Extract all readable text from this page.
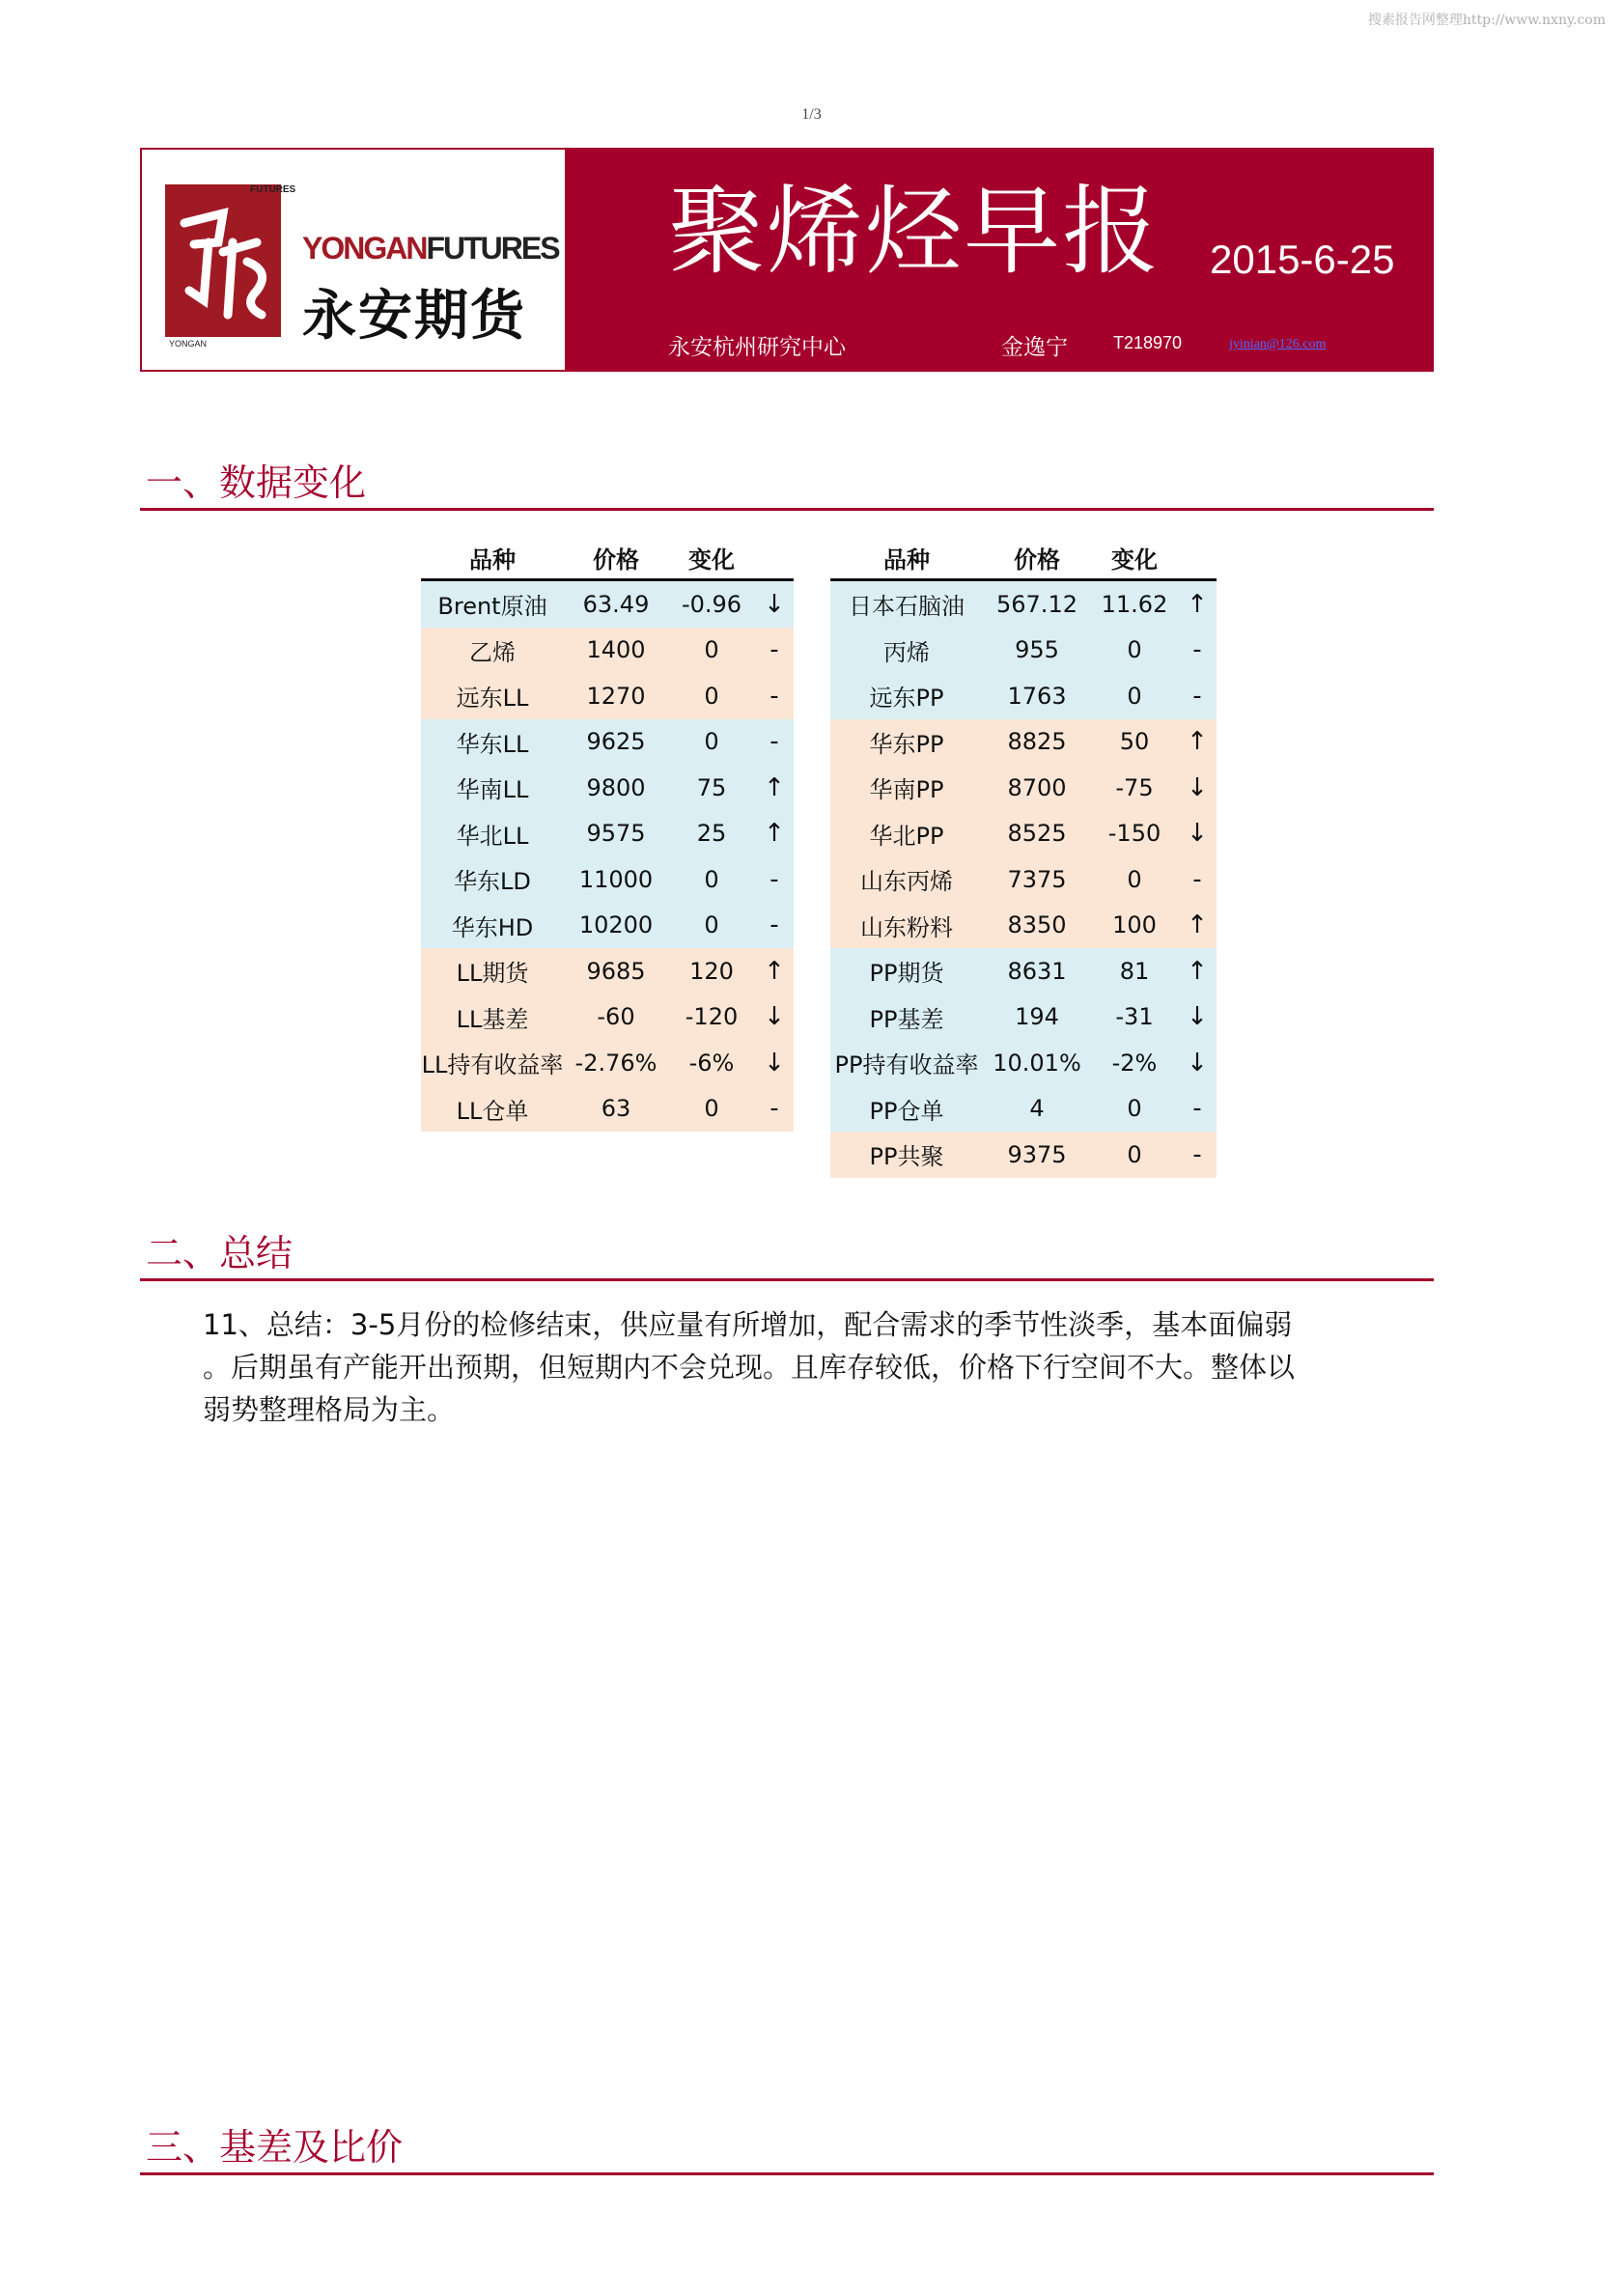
搜素报告网整理http://www.nxny.com
1/3
FUTURES
YONGAN
YONGANFUTURES
永安期货
聚烯烃早报 2015-6-25
永安杭州研究中心	金逸宁	T218970	jyinian@126.com
一、数据变化
品种	价格	变化	
Brent原油	63.49	-0.96	↓
乙烯	1400	0	-
远东LL	1270	0	-
华东LL	9625	0	-
华南LL	9800	75	↑
华北LL	9575	25	↑
华东LD	11000	0	-
华东HD	10200	0	-
LL期货	9685	120	↑
LL基差	-60	-120	↓
LL持有收益率	-2.76%	-6%	↓
LL仓单	63	0	-
品种	价格	变化	
日本石脑油	567.12	11.62	↑
丙烯	955	0	-
远东PP	1763	0	-
华东PP	8825	50	↑
华南PP	8700	-75	↓
华北PP	8525	-150	↓
山东丙烯	7375	0	-
山东粉料	8350	100	↑
PP期货	8631	81	↑
PP基差	194	-31	↓
PP持有收益率	10.01%	-2%	↓
PP仓单	4	0	-
PP共聚	9375	0	-
二、总结
11、总结：3-5月份的检修结束，供应量有所增加，配合需求的季节性淡季，基本面偏弱
。后期虽有产能开出预期，但短期内不会兑现。且库存较低，价格下行空间不大。整体以
弱势整理格局为主。
三、基差及比价
